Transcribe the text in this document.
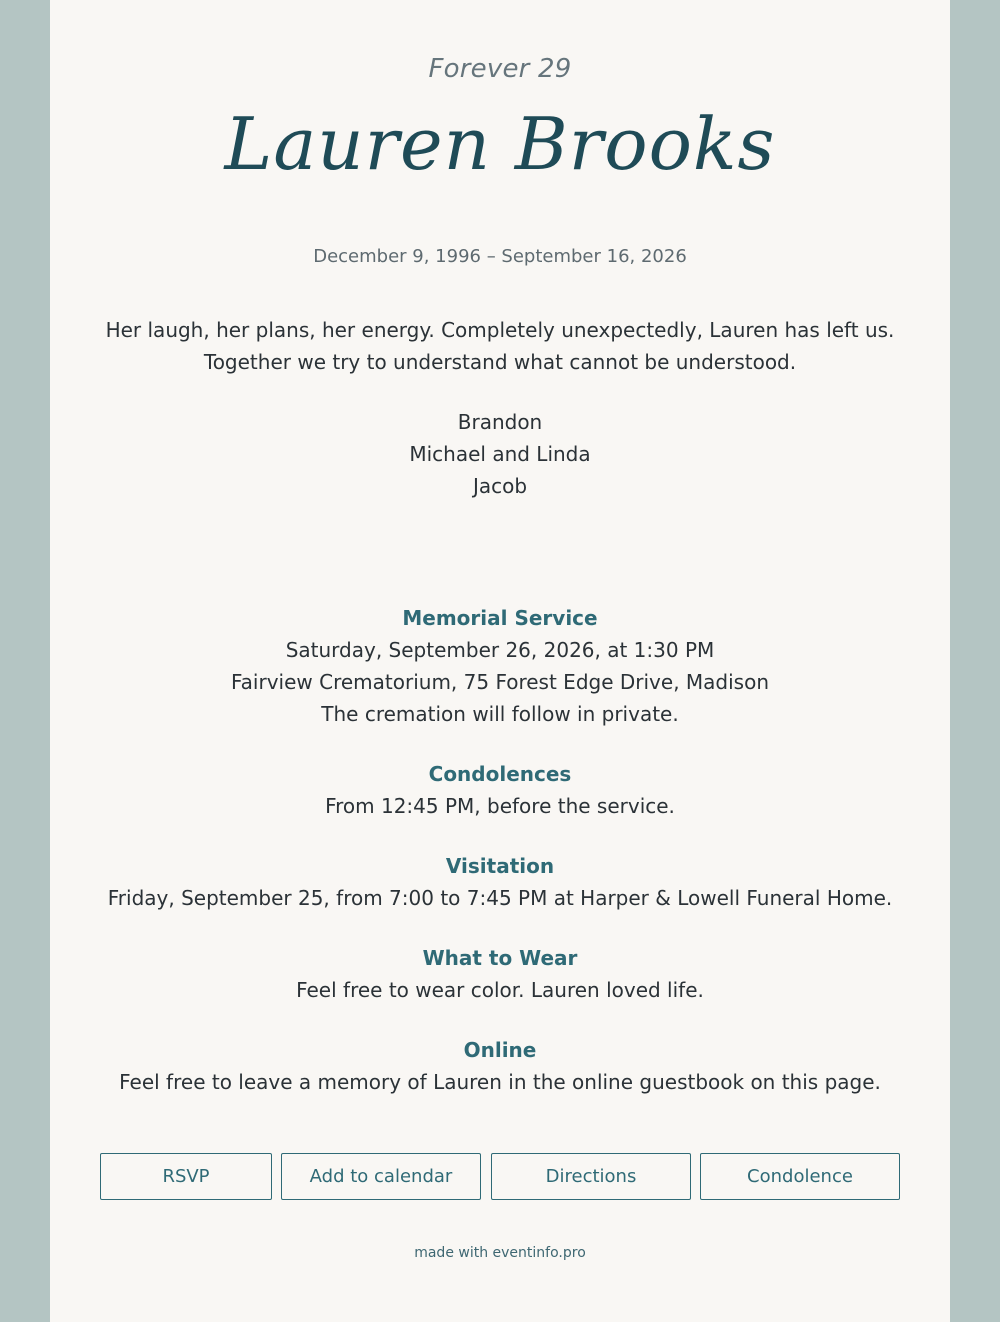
Forever 29
Lauren Brooks
December 9, 1996 – September 16, 2026

Her laugh, her plans, her energy. Completely unexpectedly, Lauren has left us.

Together we try to understand what cannot be understood.

Brandon
Michael and Linda
Jacob
Memorial Service

Saturday, September 26, 2026, at 1:30 PM

Fairview Crematorium, 75 Forest Edge Drive, Madison

The cremation will follow in private.

Condolences

From 12:45 PM, before the service.

Visitation

Friday, September 25, from 7:00 to 7:45 PM at Harper & Lowell Funeral Home.

What to Wear

Feel free to wear color. Lauren loved life.

Online

Feel free to leave a memory of Lauren in the online guestbook on this page.

RSVP	Add to calendar	Directions	Condolence
made with eventinfo.pro
